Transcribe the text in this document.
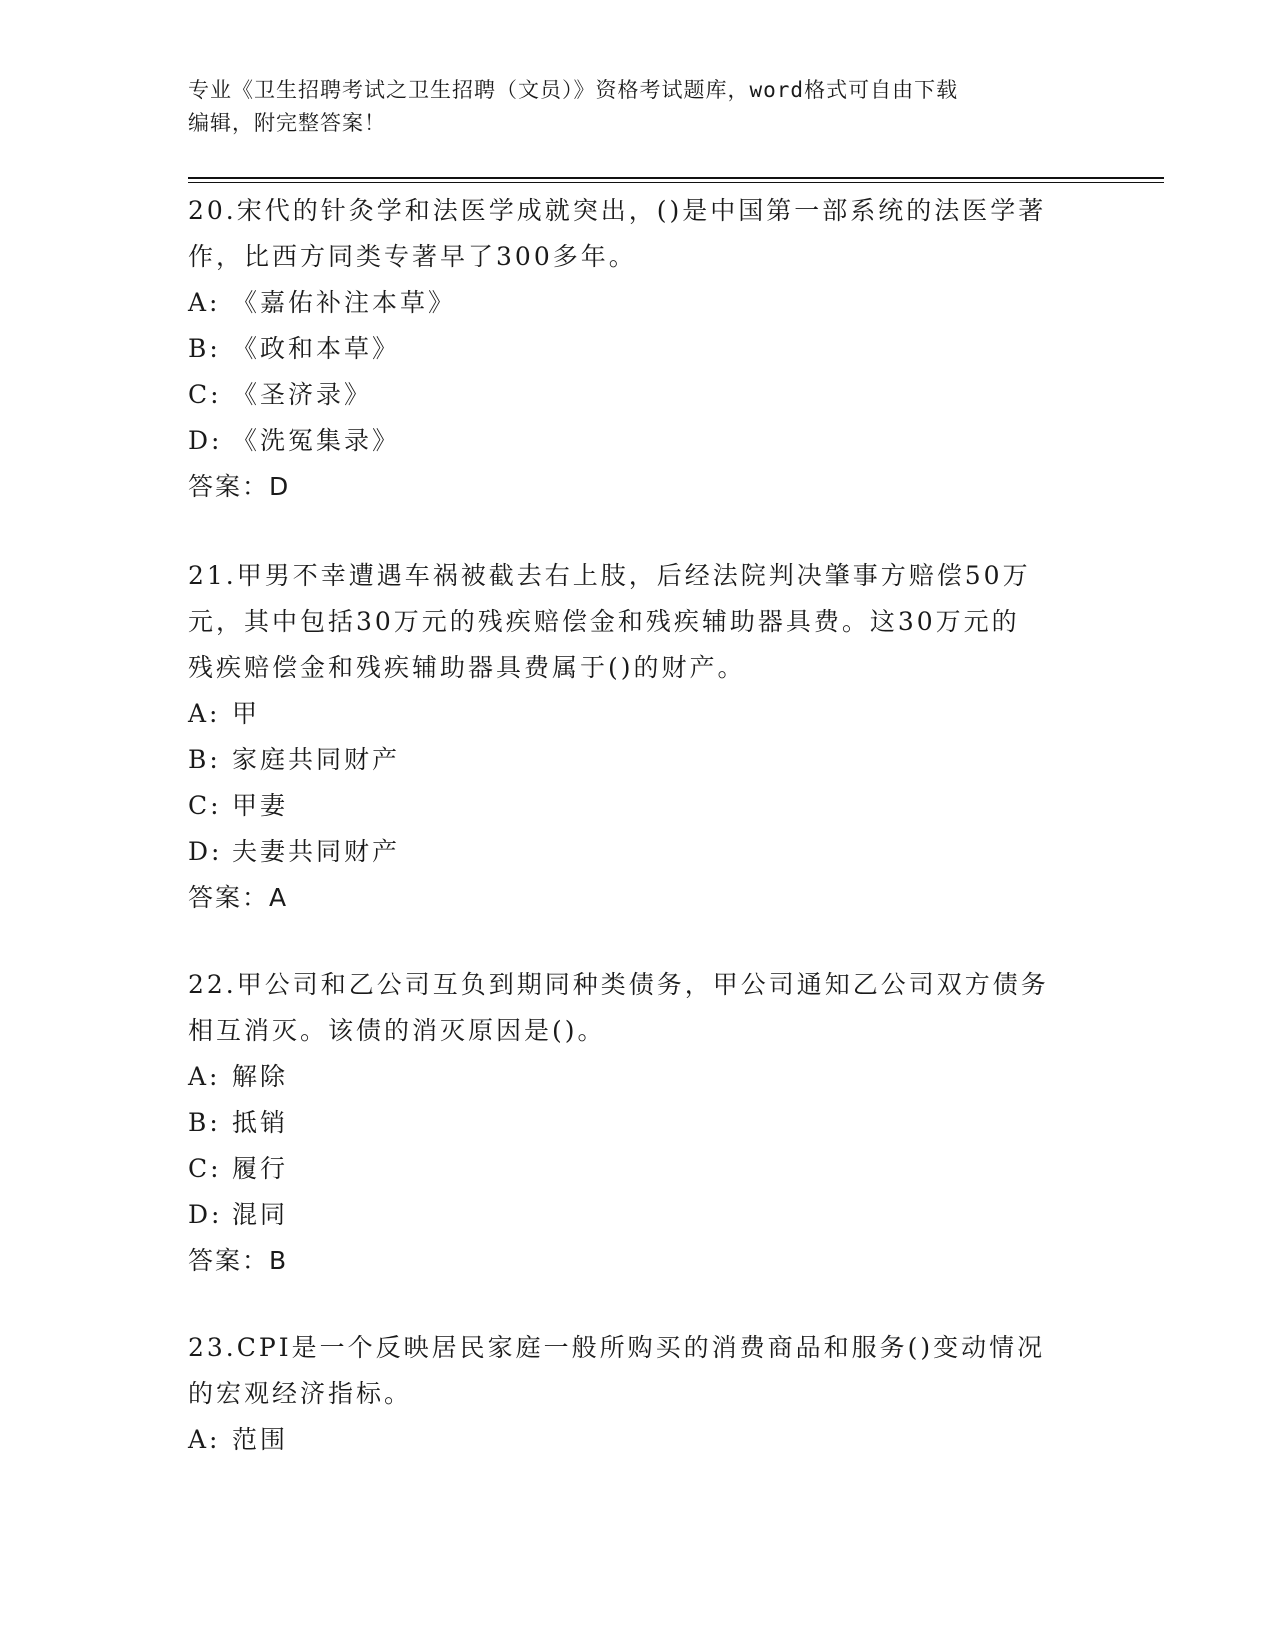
专业《卫生招聘考试之卫生招聘（文员）》资格考试题库，word格式可自由下载
编辑，附完整答案！

20.宋代的针灸学和法医学成就突出，()是中国第一部系统的法医学著
作，比西方同类专著早了300多年。

A: 《嘉佑补注本草》
B: 《政和本草》
C: 《圣济录》
D: 《洗冤集录》
答案：D

21.甲男不幸遭遇车祸被截去右上肢，后经法院判决肇事方赔偿50万
元，其中包括30万元的残疾赔偿金和残疾辅助器具费。这30万元的
残疾赔偿金和残疾辅助器具费属于()的财产。

A: 甲
B: 家庭共同财产
C: 甲妻
D: 夫妻共同财产
答案：A

22.甲公司和乙公司互负到期同种类债务，甲公司通知乙公司双方债务
相互消灭。该债的消灭原因是()。

A: 解除
B: 抵销
C: 履行
D: 混同
答案：B

23.CPI是一个反映居民家庭一般所购买的消费商品和服务()变动情况
的宏观经济指标。

A: 范围
